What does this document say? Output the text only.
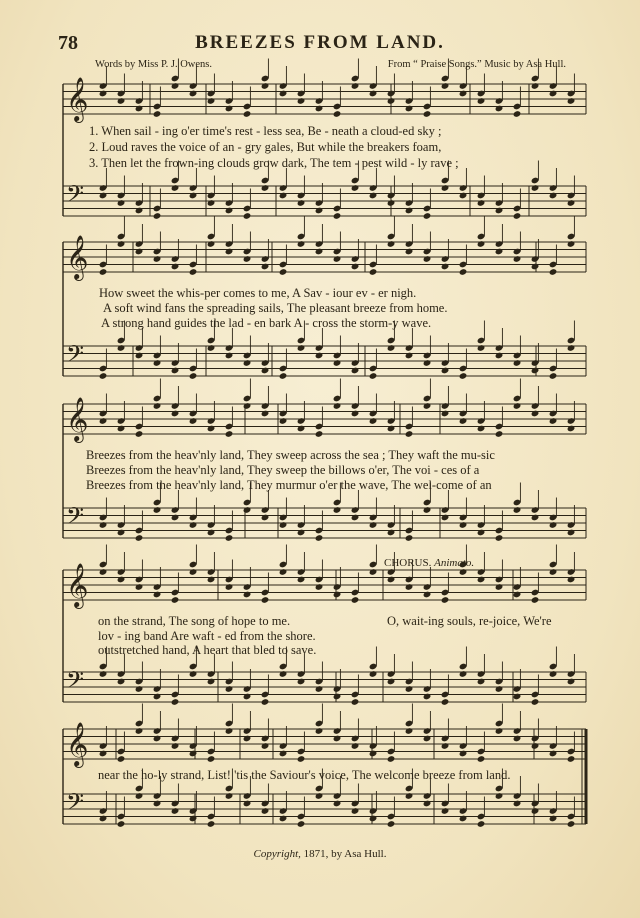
𝄞
𝄢
𝄞
𝄢
𝄞
𝄢
𝄞
𝄢
𝄞
𝄢
78	BREEZES FROM LAND.
Words by Miss P. J. Owens.	From “ Praise Songs.” Music by Asa Hull.
1. When sail - ing o'er time's rest - less sea, Be - neath a cloud-ed sky ;
2. Loud raves the voice of an - gry gales, But while the breakers foam,
3. Then let the frown-ing clouds grow dark, The tem - pest wild - ly rave ;
How sweet the whis-per comes to me, A Sav - iour ev - er nigh.
A soft wind fans the spreading sails, The pleasant breeze from home.
A strong hand guides the lad - en bark A - cross the storm-y wave.
Breezes from the heav'nly land, They sweep across the sea ; They waft the mu-sic
Breezes from the heav'nly land, They sweep the billows o'er, The voi - ces of a
Breezes from the heav'nly land, They murmur o'er the wave, The wel-come of an
on the strand, The song of hope to me.
lov - ing band Are waft - ed from the shore.
outstretched hand, A heart that bled to save.
CHORUS. Animato.
O, wait-ing souls, re-joice, We're
near the ho-ly strand, List! 'tis the Saviour's voice, The welcome breeze from land.
Copyright, 1871, by Asa Hull.
